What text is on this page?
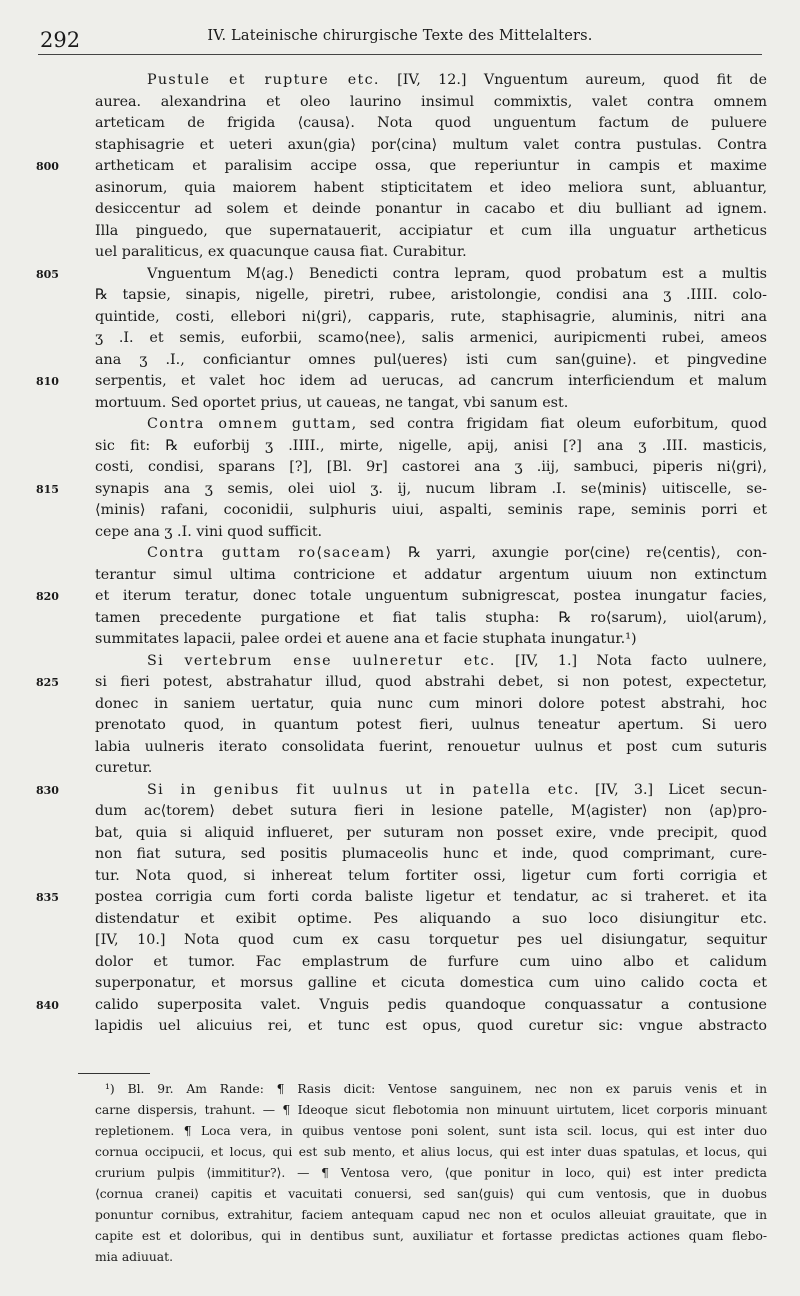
292	IV. Lateinische chirurgische Texte des Mittelalters.
Pustule et rupture etc. [IV, 12.] Vnguentum aureum, quod fit de
aurea. alexandrina et oleo laurino insimul commixtis, valet contra omnem
arteticam de frigida ⟨causa⟩. Nota quod unguentum factum de puluere
staphisagrie et ueteri axun⟨gia⟩ por⟨cina⟩ multum valet contra pustulas. Contra
800	artheticam et paralisim accipe ossa, que reperiuntur in campis et maxime
asinorum, quia maiorem habent stipticitatem et ideo meliora sunt, abluantur,
desiccentur ad solem et deinde ponantur in cacabo et diu bulliant ad ignem.
Illa pinguedo, que supernatauerit, accipiatur et cum illa unguatur artheticus
uel paraliticus, ex quacunque causa fiat. Curabitur.
805	Vnguentum M⟨ag.⟩ Benedicti contra lepram, quod probatum est a multis
℞ tapsie, sinapis, nigelle, piretri, rubee, aristolongie, condisi ana ʒ .IIII. colo-
quintide, costi, ellebori ni⟨gri⟩, capparis, rute, staphisagrie, aluminis, nitri ana
ʒ .I. et semis, euforbii, scamo⟨nee⟩, salis armenici, auripicmenti rubei, ameos
ana ʒ .I., conficiantur omnes pul⟨ueres⟩ isti cum san⟨guine⟩. et pingvedine
810	serpentis, et valet hoc idem ad uerucas, ad cancrum interficiendum et malum
mortuum. Sed oportet prius, ut caueas, ne tangat, vbi sanum est.
Contra omnem guttam, sed contra frigidam fiat oleum euforbitum, quod
sic fit: ℞ euforbij ʒ .IIII., mirte, nigelle, apij, anisi [?] ana ʒ .III. masticis,
costi, condisi, sparans [?], [Bl. 9r] castorei ana ʒ .iij, sambuci, piperis ni⟨gri⟩,
815	synapis ana ʒ semis, olei uiol ʒ. ij, nucum libram .I. se⟨minis⟩ uitiscelle, se-
⟨minis⟩ rafani, coconidii, sulphuris uiui, aspalti, seminis rape, seminis porri et
cepe ana ʒ .I. vini quod sufficit.
Contra guttam ro⟨saceam⟩ ℞ yarri, axungie por⟨cine⟩ re⟨centis⟩, con-
terantur simul ultima contricione et addatur argentum uiuum non extinctum
820	et iterum teratur, donec totale unguentum subnigrescat, postea inungatur facies,
tamen precedente purgatione et fiat talis stupha: ℞ ro⟨sarum⟩, uiol⟨arum⟩,
summitates lapacii, palee ordei et auene ana et facie stuphata inungatur.¹)
Si vertebrum ense uulneretur etc. [IV, 1.] Nota facto uulnere,
825	si fieri potest, abstrahatur illud, quod abstrahi debet, si non potest, expectetur,
donec in saniem uertatur, quia nunc cum minori dolore potest abstrahi, hoc
prenotato quod, in quantum potest fieri, uulnus teneatur apertum. Si uero
labia uulneris iterato consolidata fuerint, renouetur uulnus et post cum suturis
curetur.
830	Si in genibus fit uulnus ut in patella etc. [IV, 3.] Licet secun-
dum ac⟨torem⟩ debet sutura fieri in lesione patelle, M⟨agister⟩ non ⟨ap⟩pro-
bat, quia si aliquid influeret, per suturam non posset exire, vnde precipit, quod
non fiat sutura, sed positis plumaceolis hunc et inde, quod comprimant, cure-
tur. Nota quod, si inhereat telum fortiter ossi, ligetur cum forti corrigia et
835	postea corrigia cum forti corda baliste ligetur et tendatur, ac si traheret. et ita
distendatur et exibit optime. Pes aliquando a suo loco disiungitur etc.
[IV, 10.] Nota quod cum ex casu torquetur pes uel disiungatur, sequitur
dolor et tumor. Fac emplastrum de furfure cum uino albo et calidum
superponatur, et morsus galline et cicuta domestica cum uino calido cocta et
840	calido superposita valet. Vnguis pedis quandoque conquassatur a contusione
lapidis uel alicuius rei, et tunc est opus, quod curetur sic: vngue abstracto
¹) Bl. 9r. Am Rande: ¶ Rasis dicit: Ventose sanguinem, nec non ex paruis venis et in
carne dispersis, trahunt. — ¶ Ideoque sicut flebotomia non minuunt uirtutem, licet corporis minuant
repletionem. ¶ Loca vera, in quibus ventose poni solent, sunt ista scil. locus, qui est inter duo
cornua occipucii, et locus, qui est sub mento, et alius locus, qui est inter duas spatulas, et locus, qui
crurium pulpis ⟨immititur?⟩. — ¶ Ventosa vero, ⟨que ponitur in loco, qui⟩ est inter predicta
⟨cornua cranei⟩ capitis et vacuitati conuersi, sed san⟨guis⟩ qui cum ventosis, que in duobus
ponuntur cornibus, extrahitur, faciem antequam capud nec non et oculos alleuiat grauitate, que in
capite est et doloribus, qui in dentibus sunt, auxiliatur et fortasse predictas actiones quam flebo-
mia adiuuat.
